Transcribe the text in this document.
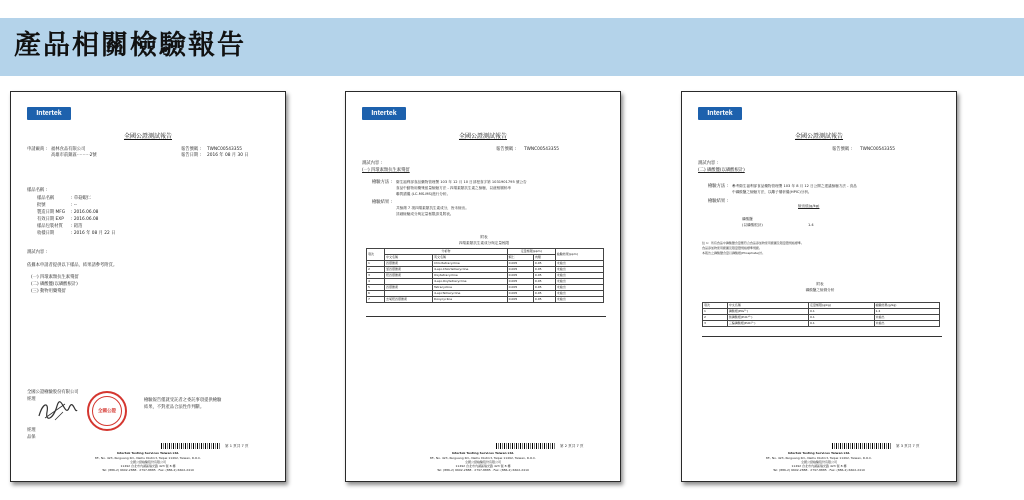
產品相關檢驗報告
Intertek
全國公證測試報告
申請廠商 : 福林食品有限公司
高雄市前鎮區⋯⋯⋯2號
報告號碼 : TWNC00543355
報告日期 : 2016 年 08 月 30 日
樣品名稱 :
樣品名稱	: 草菇蝦仁
批號	: --
製造日期 MFG : 2016.06.08
有效日期 EXP : 2016.06.08
樣品包裝材質 : 鋁箔
收樣日期	: 2016 年 08 月 22 日
測試內容 :
依據本申請者提供以下樣品，結果請參考附頁。
(一) 四環素類抗生素殘留
(二) 磷酸鹽(以磷酸根計)
(三) 動物用藥殘留
全國公證檢驗股份有限公司
經理
全國公證
檢驗報告僅就受託者之委託事項提供檢驗
結果，不對產品合法性作判斷。
經理
品保
第 1 頁共 7 頁
Intertek Testing Services Taiwan Ltd.
8F., No. 423, Ruiguang Rd., Neihu District, Taipei 11492, Taiwan, R.O.C.
全國公證檢驗股份有限公司
11492 台北市內湖區瑞光路 423 號 8 樓
Tel: (886-2) 6602-2888 · 2797-8885 · Fax: (886-2) 6602-2410
Intertek
全國公證測試報告
報告號碼 : TWNC00543355
測試內容 :
(一) 四環素類抗生素殘留
檢驗方法 : 衛生福利部食品藥物管理署 103 年 12 月 10 日部授食字第 1031901795 號公告
食品中動物用藥殘留量檢驗方法 - 四環素類抗生素之檢驗，以液相層析串
聯質譜儀 (LC-MS-MS)進行分析。
檢驗結果 :
共檢測 7 項四環素類抗生素成分，皆未檢出。
詳細檢驗成分與定量極限請見附表。
附表
四環素類抗生素成分與定量極限
項次	分析物		定量極限(ppm)		檢驗結果(ppm)
	中文名稱	英文名稱	蝦仁	肉類	
1	四環黴素	Chlortetracycline	0.005	0.05	未檢出
2	氯四環黴素	4-epi-Chlortetracycline	0.005	0.05	未檢出
3	羥四環黴素	Oxytetracycline	0.005	0.05	未檢出
4		4-epi-Oxytetracycline	0.005	0.05	未檢出
5	四環黴素	Tetracycline	0.005	0.05	未檢出
6		4-epi-Tetracycline	0.005	0.05	未檢出
7	去氧羥四環黴素	Doxycycline	0.005	0.05	未檢出
第 2 頁共 7 頁
Intertek Testing Services Taiwan Ltd.
8F., No. 423, Ruiguang Rd., Neihu District, Taipei 11492, Taiwan, R.O.C.
全國公證檢驗股份有限公司
11492 台北市內湖區瑞光路 423 號 8 樓
Tel: (886-2) 6602-2888 · 2797-8885 · Fax: (886-2) 6602-2410
Intertek
全國公證測試報告
報告號碼 : TWNC00543355
測試內容 :
(二) 磷酸鹽(以磷酸根計)
檢驗方法 : 參考衛生福利部食品藥物管理署 103 年 8 月 12 日公開之建議檢驗方法 - 食品
中磷酸鹽之檢驗方法，以離子層析儀(HPIC)分析。
檢驗結果 :
檢出值(g/kg)
磷酸鹽
(以磷酸根計)	1.4
註 1：所有食品中磷酸鹽含量應符合食品添加物使用範圍及限量暨規格標準。
食品添加物使用範圍及限量暨規格標準規範。
本報告之磷酸鹽含量以磷酸根(Phosphate)計。
附表
磷酸鹽之檢測分析
項次	中文名稱	定量極限(g/kg)	檢驗結果(g/kg)
1	磷酸根(PO₄³⁻)	0.1	1.4
2	焦磷酸根(P₂O₇⁴⁻)	0.1	未檢出
3	三偏磷酸根(P₃O₉³⁻)	0.1	未檢出
第 3 頁共 7 頁
Intertek Testing Services Taiwan Ltd.
8F., No. 423, Ruiguang Rd., Neihu District, Taipei 11492, Taiwan, R.O.C.
全國公證檢驗股份有限公司
11492 台北市內湖區瑞光路 423 號 8 樓
Tel: (886-2) 6602-2888 · 2797-8885 · Fax: (886-2) 6602-2410
